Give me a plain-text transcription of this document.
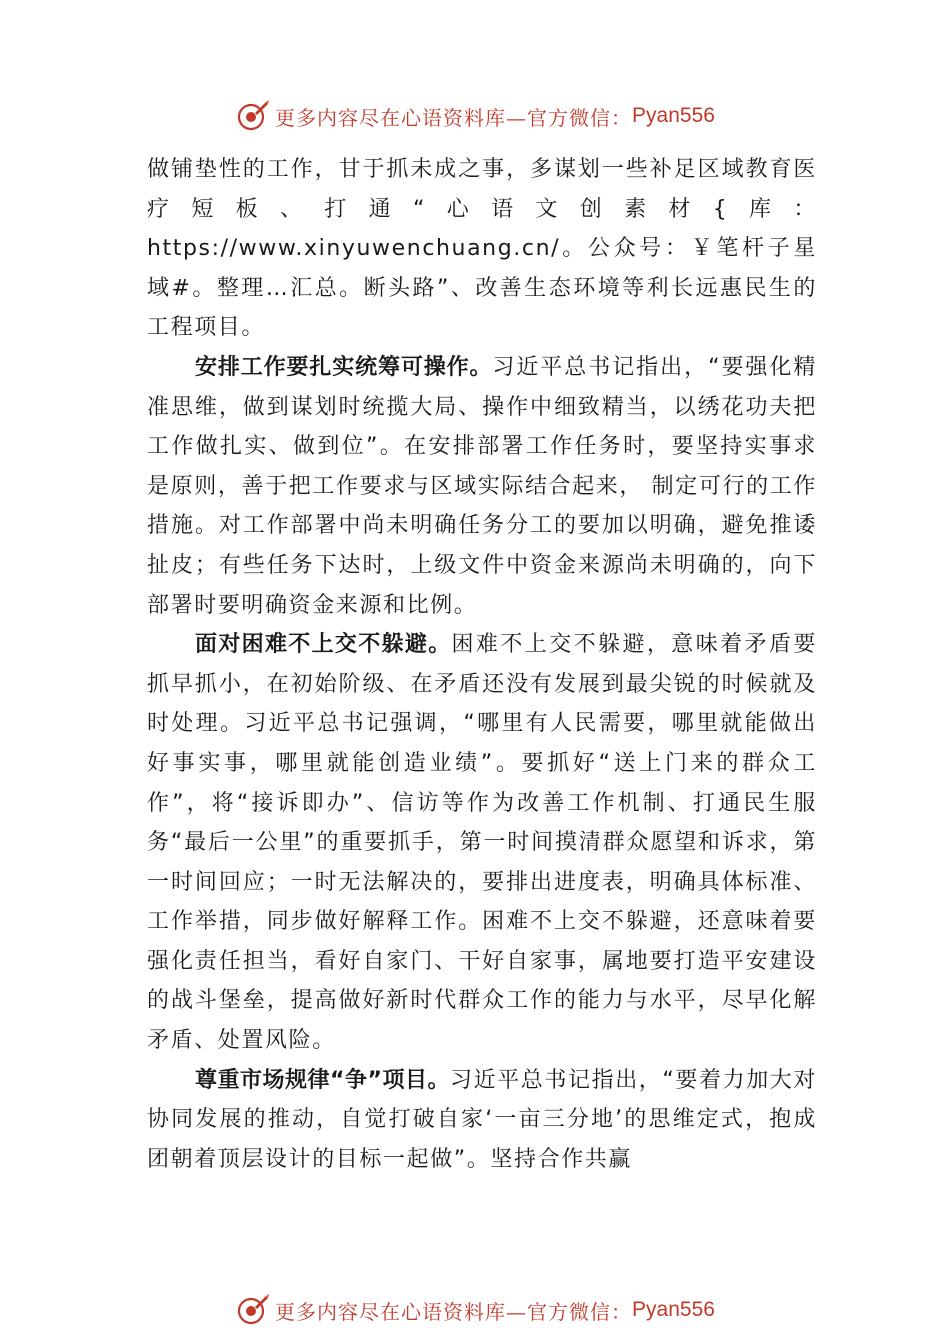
更多内容尽在心语资料库—官方微信： Pyan556

做铺垫性的工作，甘于抓未成之事，多谋划一些补足区域教育医疗短板、打通“心语文创素材{库：https://www.xinyuwenchuang.cn/。公众号：￥笔杆子星域#。整理…汇总。断头路”、改善生态环境等利长远惠民生的工程项目。

安排工作要扎实统筹可操作。习近平总书记指出，“要强化精准思维，做到谋划时统揽大局、操作中细致精当，以绣花功夫把工作做扎实、做到位”。在安排部署工作任务时，要坚持实事求是原则，善于把工作要求与区域实际结合起来， 制定可行的工作措施。对工作部署中尚未明确任务分工的要加以明确，避免推诿扯皮；有些任务下达时，上级文件中资金来源尚未明确的，向下部署时要明确资金来源和比例。

面对困难不上交不躲避。困难不上交不躲避，意味着矛盾要抓早抓小，在初始阶级、在矛盾还没有发展到最尖锐的时候就及时处理。习近平总书记强调，“哪里有人民需要，哪里就能做出好事实事，哪里就能创造业绩”。要抓好“送上门来的群众工作”，将“接诉即办”、信访等作为改善工作机制、打通民生服务“最后一公里”的重要抓手，第一时间摸清群众愿望和诉求，第一时间回应；一时无法解决的，要排出进度表，明确具体标准、工作举措，同步做好解释工作。困难不上交不躲避，还意味着要强化责任担当，看好自家门、干好自家事，属地要打造平安建设的战斗堡垒，提高做好新时代群众工作的能力与水平，尽早化解矛盾、处置风险。

尊重市场规律“争”项目。习近平总书记指出，“要着力加大对协同发展的推动，自觉打破自家‘一亩三分地’的思维定式，抱成团朝着顶层设计的目标一起做”。坚持合作共赢

更多内容尽在心语资料库—官方微信： Pyan556
